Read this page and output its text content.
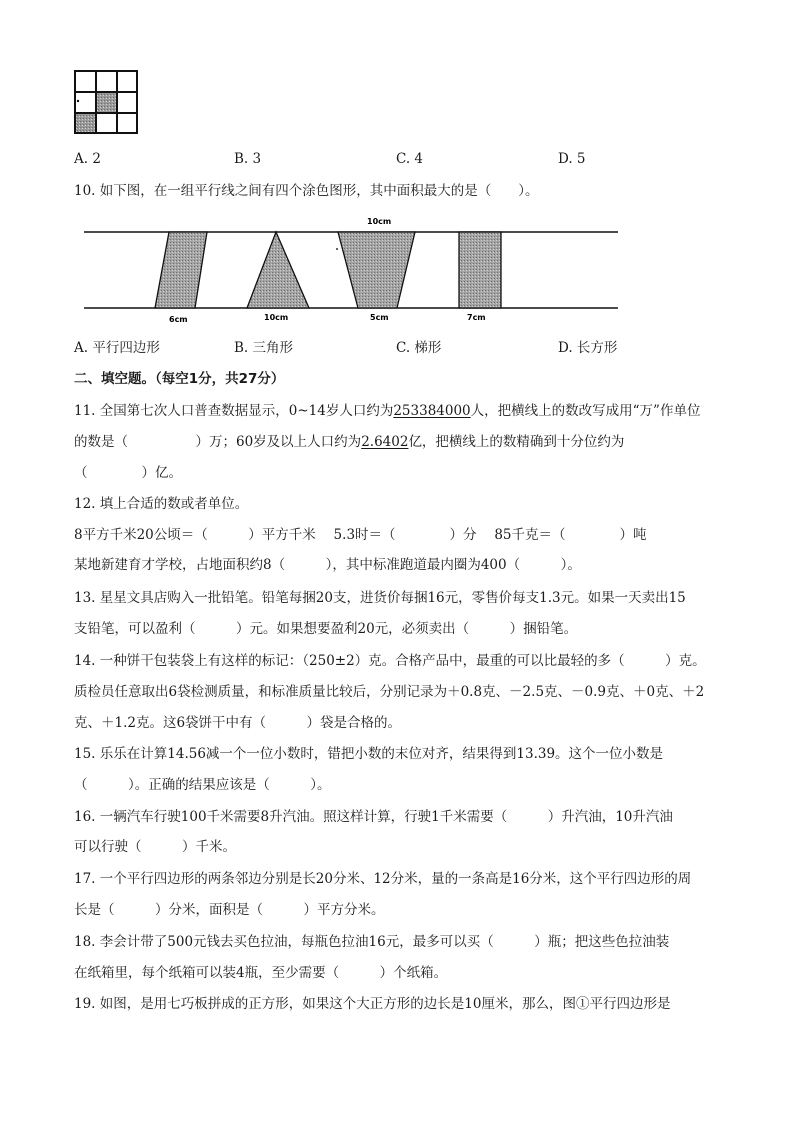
A. 2	B. 3	C. 4	D. 5
10. 如下图，在一组平行线之间有四个涂色图形，其中面积最大的是（　　）。
10cm
6cm	10cm	5cm	7cm
A. 平行四边形	B. 三角形	C. 梯形	D. 长方形
二、填空题。（每空1分，共27分）
11. 全国第七次人口普查数据显示，0~14岁人口约为253384000人，把横线上的数改写成用“万”作单位
的数是（　　　　　）万；60岁及以上人口约为2.6402亿，把横线上的数精确到十分位约为
（　　　　）亿。
12. 填上合适的数或者单位。
8平方千米20公顷＝（　　　）平方千米　 5.3时＝（　　　　）分　 85千克＝（　　　　）吨
某地新建育才学校，占地面积约8（　　　），其中标准跑道最内圈为400（　　　）。
13. 星星文具店购入一批铅笔。铅笔每捆20支，进货价每捆16元，零售价每支1.3元。如果一天卖出15
支铅笔，可以盈利（　　　）元。如果想要盈利20元，必须卖出（　　　）捆铅笔。
14. 一种饼干包装袋上有这样的标记：（250±2）克。合格产品中，最重的可以比最轻的多（　　　）克。
质检员任意取出6袋检测质量，和标准质量比较后，分别记录为＋0.8克、－2.5克、－0.9克、＋0克、＋2
克、＋1.2克。这6袋饼干中有（　　　）袋是合格的。
15. 乐乐在计算14.56减一个一位小数时，错把小数的末位对齐，结果得到13.39。这个一位小数是
（　　　）。正确的结果应该是（　　　）。
16. 一辆汽车行驶100千米需要8升汽油。照这样计算，行驶1千米需要（　　　）升汽油，10升汽油
可以行驶（　　　）千米。
17. 一个平行四边形的两条邻边分别是长20分米、12分米，量的一条高是16分米，这个平行四边形的周
长是（　　　）分米，面积是（　　　）平方分米。
18. 李会计带了500元钱去买色拉油，每瓶色拉油16元，最多可以买（　　　）瓶；把这些色拉油装
在纸箱里，每个纸箱可以装4瓶，至少需要（　　　）个纸箱。
19. 如图，是用七巧板拼成的正方形，如果这个大正方形的边长是10厘米，那么，图①平行四边形是
